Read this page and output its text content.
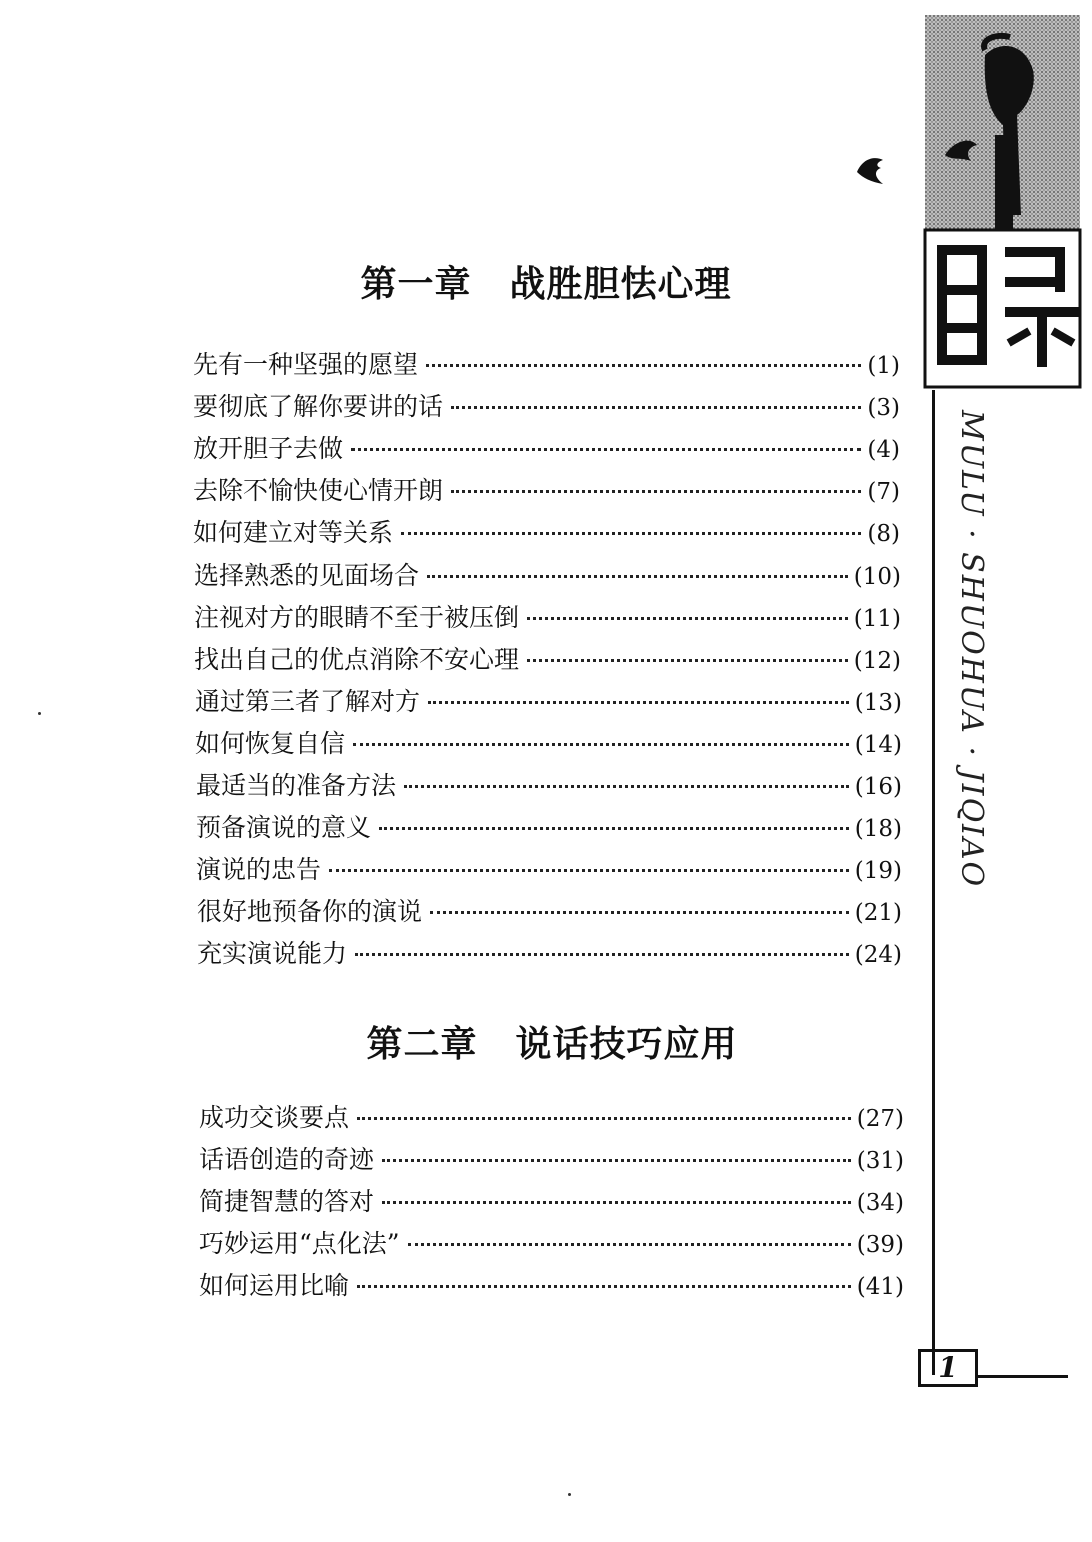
MULU · SHUOHUA · JIQIAO
1
第一章 战胜胆怯心理
先有一种坚强的愿望	(1)
要彻底了解你要讲的话	(3)
放开胆子去做	(4)
去除不愉快使心情开朗	(7)
如何建立对等关系	(8)
选择熟悉的见面场合	(10)
注视对方的眼睛不至于被压倒	(11)
找出自己的优点消除不安心理	(12)
通过第三者了解对方	(13)
如何恢复自信	(14)
最适当的准备方法	(16)
预备演说的意义	(18)
演说的忠告	(19)
很好地预备你的演说	(21)
充实演说能力	(24)
第二章 说话技巧应用
成功交谈要点	(27)
话语创造的奇迹	(31)
简捷智慧的答对	(34)
巧妙运用“点化法”	(39)
如何运用比喻	(41)
